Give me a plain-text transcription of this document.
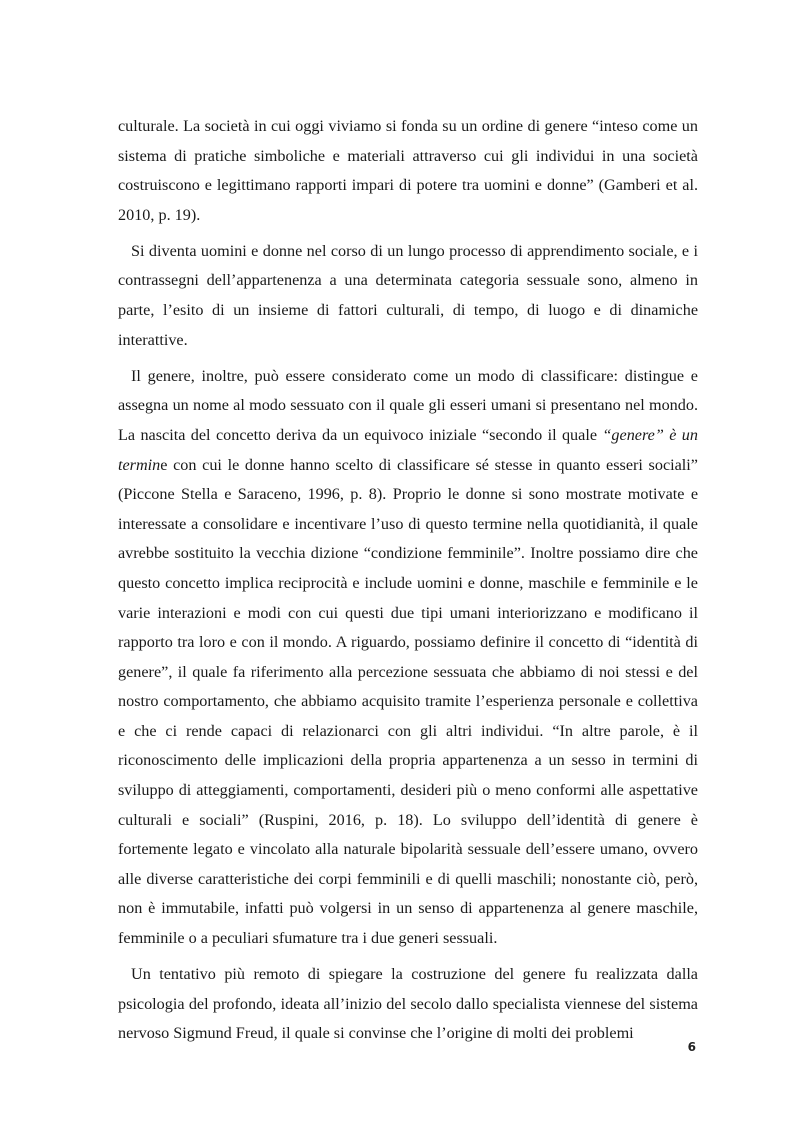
culturale. La società in cui oggi viviamo si fonda su un ordine di genere “inteso come un sistema di pratiche simboliche e materiali attraverso cui gli individui in una società costruiscono e legittimano rapporti impari di potere tra uomini e donne” (Gamberi et al. 2010, p. 19).

Si diventa uomini e donne nel corso di un lungo processo di apprendimento sociale, e i contrassegni dell’appartenenza a una determinata categoria sessuale sono, almeno in parte, l’esito di un insieme di fattori culturali, di tempo, di luogo e di dinamiche interattive.

Il genere, inoltre, può essere considerato come un modo di classificare: distingue e assegna un nome al modo sessuato con il quale gli esseri umani si presentano nel mondo. La nascita del concetto deriva da un equivoco iniziale “secondo il quale “genere” è un termine con cui le donne hanno scelto di classificare sé stesse in quanto esseri sociali” (Piccone Stella e Saraceno, 1996, p. 8). Proprio le donne si sono mostrate motivate e interessate a consolidare e incentivare l’uso di questo termine nella quotidianità, il quale avrebbe sostituito la vecchia dizione “condizione femminile”. Inoltre possiamo dire che questo concetto implica reciprocità e include uomini e donne, maschile e femminile e le varie interazioni e modi con cui questi due tipi umani interiorizzano e modificano il rapporto tra loro e con il mondo. A riguardo, possiamo definire il concetto di “identità di genere”, il quale fa riferimento alla percezione sessuata che abbiamo di noi stessi e del nostro comportamento, che abbiamo acquisito tramite l’esperienza personale e collettiva e che ci rende capaci di relazionarci con gli altri individui. “In altre parole, è il riconoscimento delle implicazioni della propria appartenenza a un sesso in termini di sviluppo di atteggiamenti, comportamenti, desideri più o meno conformi alle aspettative culturali e sociali” (Ruspini, 2016, p. 18). Lo sviluppo dell’identità di genere è fortemente legato e vincolato alla naturale bipolarità sessuale dell’essere umano, ovvero alle diverse caratteristiche dei corpi femminili e di quelli maschili; nonostante ciò, però, non è immutabile, infatti può volgersi in un senso di appartenenza al genere maschile, femminile o a peculiari sfumature tra i due generi sessuali.

Un tentativo più remoto di spiegare la costruzione del genere fu realizzata dalla psicologia del profondo, ideata all’inizio del secolo dallo specialista viennese del sistema nervoso Sigmund Freud, il quale si convinse che l’origine di molti dei problemi

6
